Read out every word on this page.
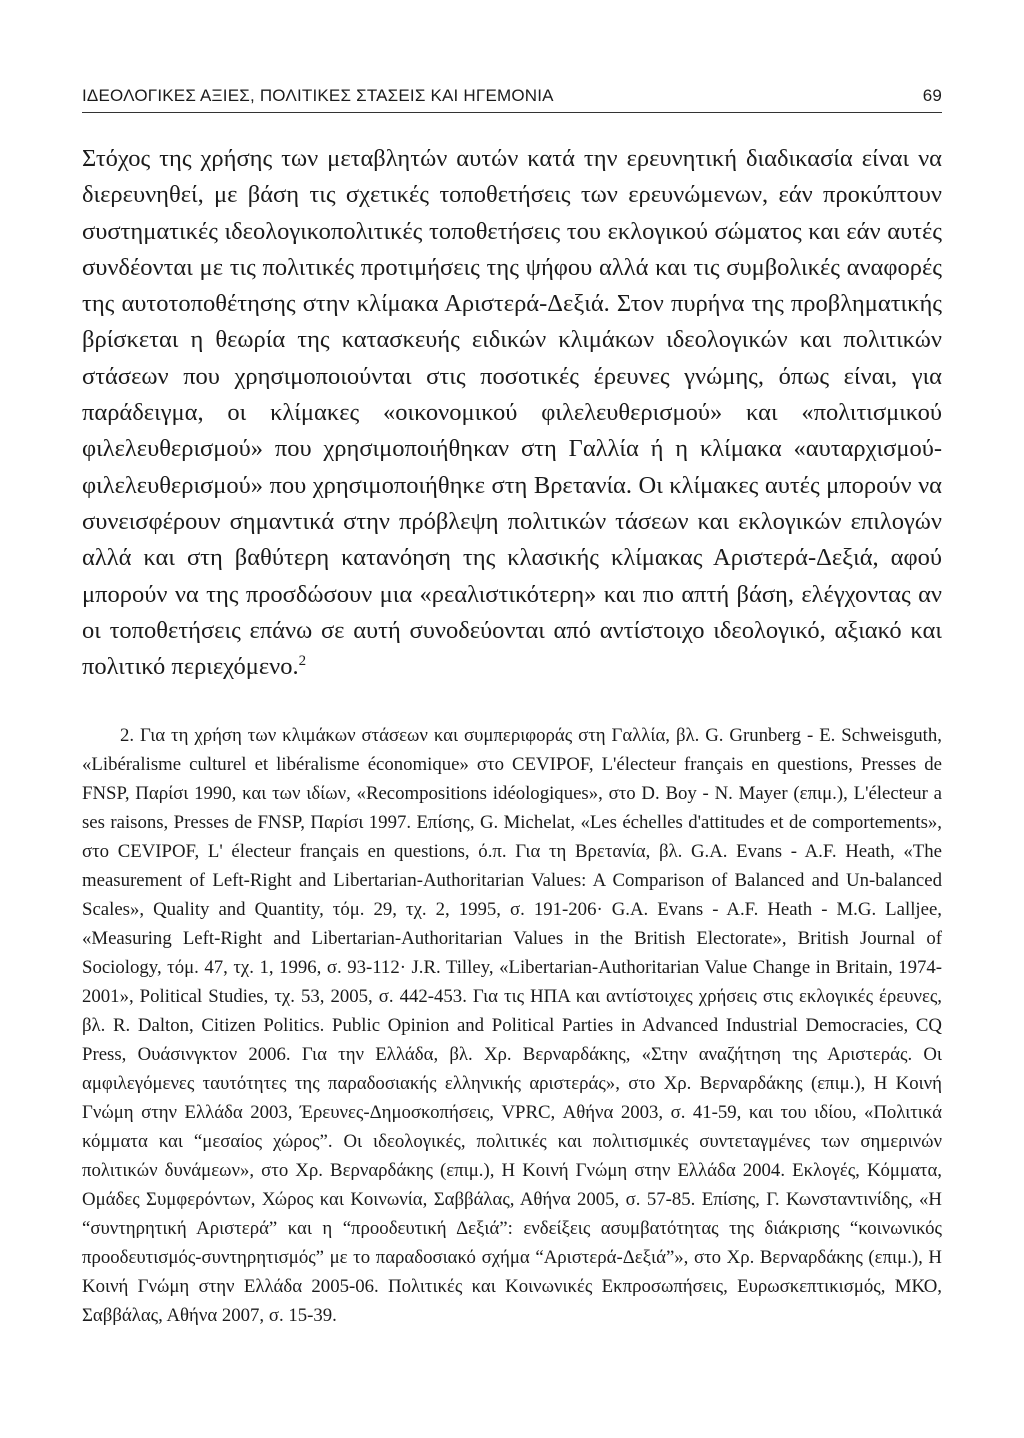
ΙΔΕΟΛΟΓΙΚΕΣ ΑΞΙΕΣ, ΠΟΛΙΤΙΚΕΣ ΣΤΑΣΕΙΣ ΚΑΙ ΗΓΕΜΟΝΙΑ	69

Στόχος της χρήσης των μεταβλητών αυτών κατά την ερευνητική διαδικασία είναι να διερευνηθεί, με βάση τις σχετικές τοποθετήσεις των ερευνώμενων, εάν προκύπτουν συστηματικές ιδεολογικοπολιτικές τοποθετήσεις του εκλογικού σώματος και εάν αυτές συνδέονται με τις πολιτικές προτιμήσεις της ψήφου αλλά και τις συμβολικές αναφορές της αυτοτοποθέτησης στην κλίμακα Αριστερά-Δεξιά. Στον πυρήνα της προβληματικής βρίσκεται η θεωρία της κατασκευής ειδικών κλιμάκων ιδεολογικών και πολιτικών στάσεων που χρησιμοποιούνται στις ποσοτικές έρευνες γνώμης, όπως είναι, για παράδειγμα, οι κλίμακες «οικονομικού φιλελευθερισμού» και «πολιτισμικού φιλελευθερισμού» που χρησιμοποιήθηκαν στη Γαλλία ή η κλίμακα «αυταρχισμού-φιλελευθερισμού» που χρησιμοποιήθηκε στη Βρετανία. Οι κλίμακες αυτές μπορούν να συνεισφέρουν σημαντικά στην πρόβλεψη πολιτικών τάσεων και εκλογικών επιλογών αλλά και στη βαθύτερη κατανόηση της κλασικής κλίμακας Αριστερά-Δεξιά, αφού μπορούν να της προσδώσουν μια «ρεαλιστικότερη» και πιο απτή βάση, ελέγχοντας αν οι τοποθετήσεις επάνω σε αυτή συνοδεύονται από αντίστοιχο ιδεολογικό, αξιακό και πολιτικό περιεχόμενο.$^2$

2. Για τη χρήση των κλιμάκων στάσεων και συμπεριφοράς στη Γαλλία, βλ. G. Grunberg - E. Schweisguth, «Libéralisme culturel et libéralisme économique» στο CEVIPOF, L'électeur français en questions, Presses de FNSP, Παρίσι 1990, και των ιδίων, «Recompositions idéologiques», στο D. Boy - N. Mayer (επιμ.), L'électeur a ses raisons, Presses de FNSP, Παρίσι 1997. Επίσης, G. Michelat, «Les échelles d'attitudes et de comportements», στο CEVIPOF, L' électeur français en questions, ό.π. Για τη Βρετανία, βλ. G.A. Evans - A.F. Heath, «The measurement of Left-Right and Libertarian-Authoritarian Values: A Comparison of Balanced and Un-balanced Scales», Quality and Quantity, τόμ. 29, τχ. 2, 1995, σ. 191-206· G.A. Evans - A.F. Heath - M.G. Lalljee, «Measuring Left-Right and Libertarian-Authoritarian Values in the British Electorate», British Journal of Sociology, τόμ. 47, τχ. 1, 1996, σ. 93-112· J.R. Tilley, «Libertarian-Authoritarian Value Change in Britain, 1974-2001», Political Studies, τχ. 53, 2005, σ. 442-453. Για τις ΗΠΑ και αντίστοιχες χρήσεις στις εκλογικές έρευνες, βλ. R. Dalton, Citizen Politics. Public Opinion and Political Parties in Advanced Industrial Democracies, CQ Press, Ουάσινγκτον 2006. Για την Ελλάδα, βλ. Χρ. Βερναρδάκης, «Στην αναζήτηση της Αριστεράς. Οι αμφιλεγόμενες ταυτότητες της παραδοσιακής ελληνικής αριστεράς», στο Χρ. Βερναρδάκης (επιμ.), Η Κοινή Γνώμη στην Ελλάδα 2003, Έρευνες-Δημοσκοπήσεις, VPRC, Αθήνα 2003, σ. 41-59, και του ιδίου, «Πολιτικά κόμματα και “μεσαίος χώρος”. Οι ιδεολογικές, πολιτικές και πολιτισμικές συντεταγμένες των σημερινών πολιτικών δυνάμεων», στο Χρ. Βερναρδάκης (επιμ.), Η Κοινή Γνώμη στην Ελλάδα 2004. Εκλογές, Κόμματα, Ομάδες Συμφερόντων, Χώρος και Κοινωνία, Σαββάλας, Αθήνα 2005, σ. 57-85. Επίσης, Γ. Κωνσταντινίδης, «Η “συντηρητική Αριστερά” και η “προοδευτική Δεξιά”: ενδείξεις ασυμβατότητας της διάκρισης “κοινωνικός προοδευτισμός-συντηρητισμός” με το παραδοσιακό σχήμα “Αριστερά-Δεξιά”», στο Χρ. Βερναρδάκης (επιμ.), Η Κοινή Γνώμη στην Ελλάδα 2005-06. Πολιτικές και Κοινωνικές Εκπροσωπήσεις, Ευρωσκεπτικισμός, ΜΚΟ, Σαββάλας, Αθήνα 2007, σ. 15-39.
